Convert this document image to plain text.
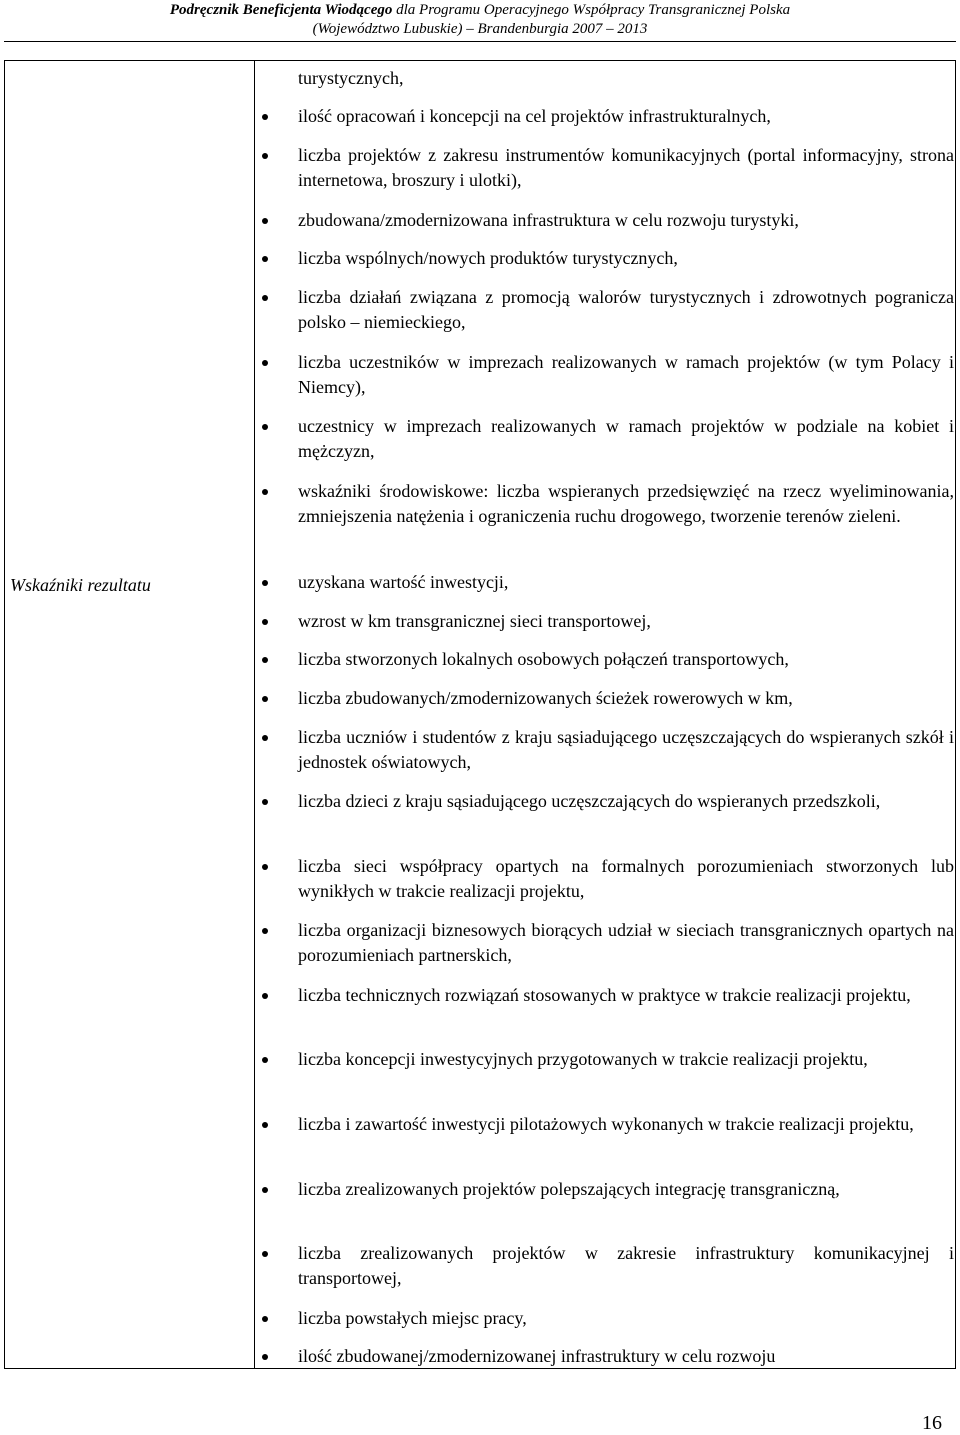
Podręcznik Beneficjenta Wiodącego dla Programu Operacyjnego Współpracy Transgranicznej Polska
(Województwo Lubuskie) – Brandenburgia 2007 – 2013
Wskaźniki rezultatu
turystycznych,
ilość opracowań i koncepcji na cel projektów infrastrukturalnych,
liczba projektów z zakresu instrumentów komunikacyjnych (portal informacyjny, strona internetowa, broszury i ulotki),
zbudowana/zmodernizowana infrastruktura w celu rozwoju turystyki,
liczba wspólnych/nowych produktów turystycznych,
liczba działań związana z promocją walorów turystycznych i zdrowotnych pogranicza polsko – niemieckiego,
liczba uczestników w imprezach realizowanych w ramach projektów (w tym Polacy i Niemcy),
uczestnicy w imprezach realizowanych w ramach projektów w podziale na kobiet i mężczyzn,
wskaźniki środowiskowe: liczba wspieranych przedsięwzięć na rzecz wyeliminowania, zmniejszenia natężenia i ograniczenia ruchu drogowego, tworzenie terenów zieleni.
uzyskana wartość inwestycji,
wzrost w km transgranicznej sieci transportowej,
liczba stworzonych lokalnych osobowych połączeń transportowych,
liczba zbudowanych/zmodernizowanych ścieżek rowerowych w km,
liczba uczniów i studentów z kraju sąsiadującego uczęszczających do wspieranych szkół i jednostek oświatowych,
liczba dzieci z kraju sąsiadującego uczęszczających do wspieranych przedszkoli,
liczba sieci współpracy opartych na formalnych porozumieniach stworzonych lub wynikłych w trakcie realizacji projektu,
liczba organizacji biznesowych biorących udział w sieciach transgranicznych opartych na porozumieniach partnerskich,
liczba technicznych rozwiązań stosowanych w praktyce w trakcie realizacji projektu,
liczba koncepcji inwestycyjnych przygotowanych w trakcie realizacji projektu,
liczba i zawartość inwestycji pilotażowych wykonanych w trakcie realizacji projektu,
liczba zrealizowanych projektów polepszających integrację transgraniczną,
liczba zrealizowanych projektów w zakresie infrastruktury komunikacyjnej i transportowej,
liczba powstałych miejsc pracy,
ilość zbudowanej/zmodernizowanej infrastruktury w celu rozwoju
16
